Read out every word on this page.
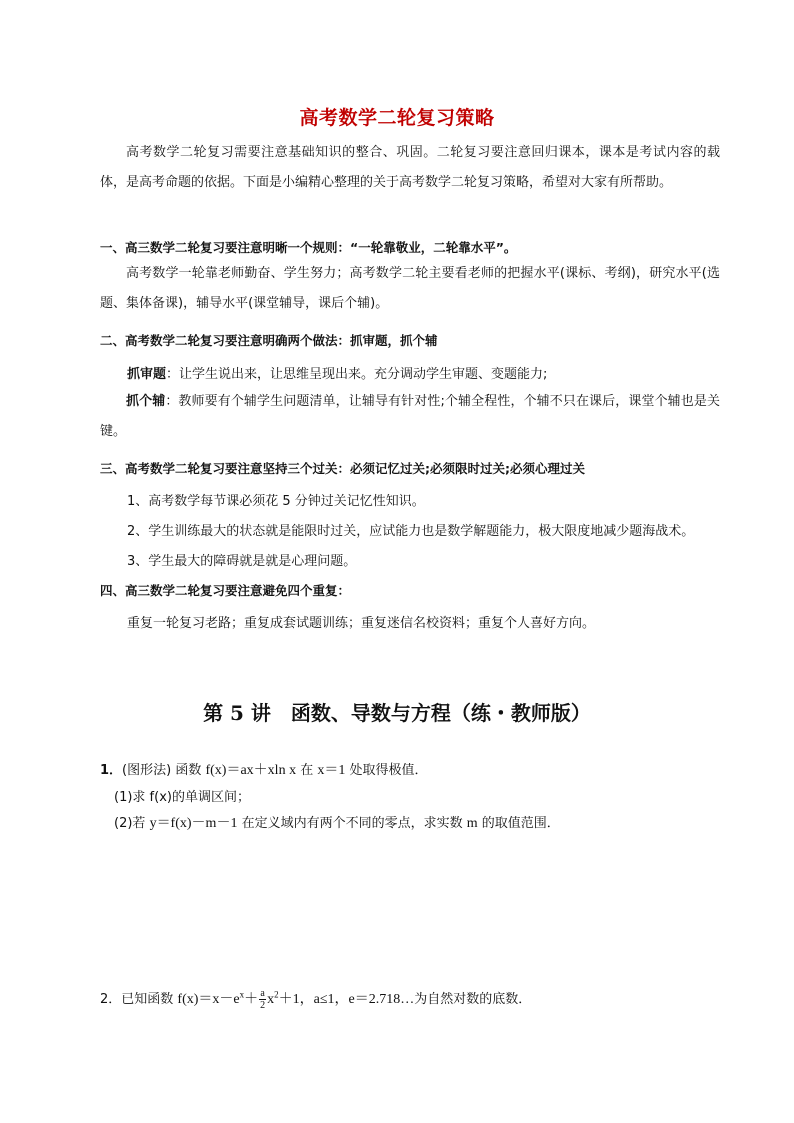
高考数学二轮复习策略
高考数学二轮复习需要注意基础知识的整合、巩固。二轮复习要注意回归课本，课本是考试内容的载体，是高考命题的依据。下面是小编精心整理的关于高考数学二轮复习策略，希望对大家有所帮助。
一、高三数学二轮复习要注意明晰一个规则：“一轮靠敬业，二轮靠水平”。
高考数学一轮靠老师勤奋、学生努力；高考数学二轮主要看老师的把握水平(课标、考纲)，研究水平(选题、集体备课)，辅导水平(课堂辅导，课后个辅)。
二、高考数学二轮复习要注意明确两个做法：抓审题，抓个辅
抓审题：让学生说出来，让思维呈现出来。充分调动学生审题、变题能力;
抓个辅：教师要有个辅学生问题清单，让辅导有针对性;个辅全程性，个辅不只在课后，课堂个辅也是关键。
三、高考数学二轮复习要注意坚持三个过关：必须记忆过关;必须限时过关;必须心理过关
1、高考数学每节课必须花 5 分钟过关记忆性知识。
2、学生训练最大的状态就是能限时过关，应试能力也是数学解题能力，极大限度地减少题海战术。
3、学生最大的障碍就是就是心理问题。
四、高三数学二轮复习要注意避免四个重复：
重复一轮复习老路；重复成套试题训练；重复迷信名校资料；重复个人喜好方向。
第 5 讲　函数、导数与方程（练・教师版）
1．(图形法) 函数 f(x)＝ax＋xln x 在 x＝1 处取得极值．
(1)求 f(x)的单调区间；
(2)若 y＝f(x)－m－1 在定义域内有两个不同的零点，求实数 m 的取值范围．
2．已知函数 $f(x)=x-e^x+ \frac{a}{2} x^2+1$，a≤1，e＝2.718…为自然对数的底数．
